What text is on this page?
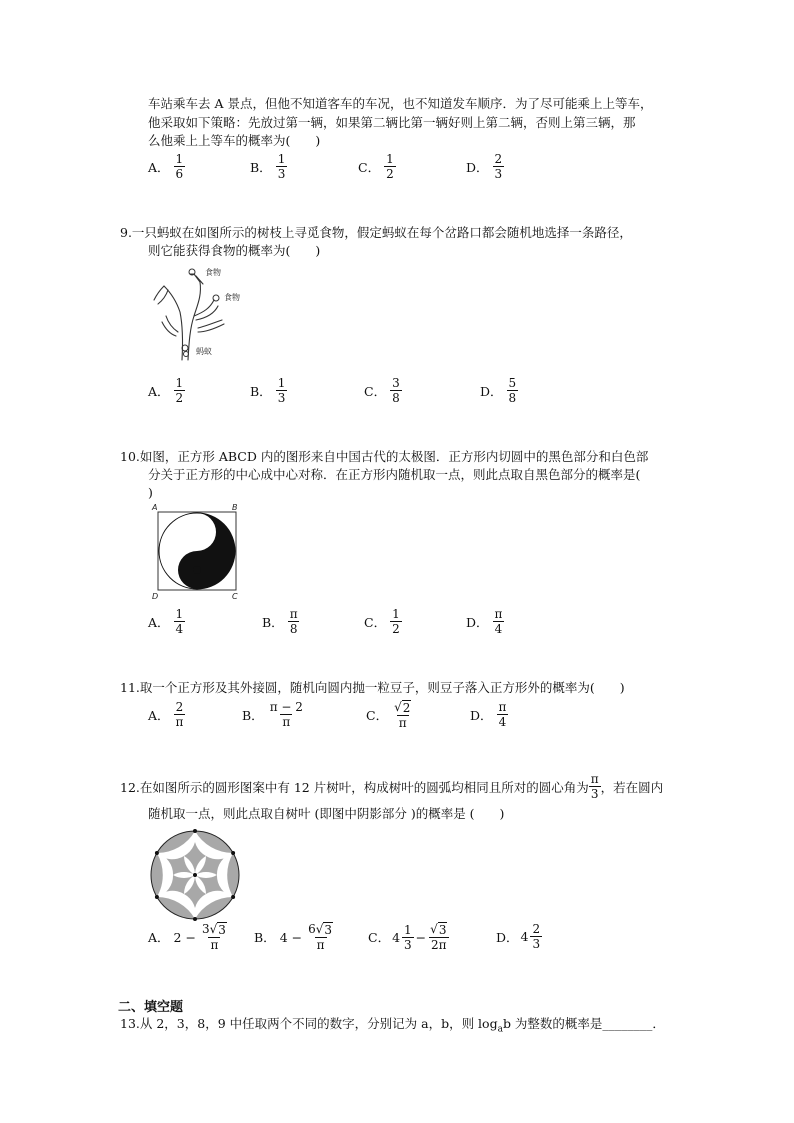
车站乘车去 A 景点，但他不知道客车的车况，也不知道发车顺序．为了尽可能乘上上等车，
他采取如下策略：先放过第一辆，如果第二辆比第一辆好则上第二辆，否则上第三辆，那
么他乘上上等车的概率为(　　)
A． $\frac{1}{6}$	B． $\frac{1}{3}$	C． $\frac{1}{2}$	D． $\frac{2}{3}$
9.一只蚂蚁在如图所示的树枝上寻觅食物，假定蚂蚁在每个岔路口都会随机地选择一条路径，
则它能获得食物的概率为(　　)
食物
食物
蚂蚁
A． $\frac{1}{2}$	B． $\frac{1}{3}$	C． $\frac{3}{8}$	D． $\frac{5}{8}$
10.如图，正方形 ABCD 内的图形来自中国古代的太极图．正方形内切圆中的黑色部分和白色部
分关于正方形的中心成中心对称．在正方形内随机取一点，则此点取自黑色部分的概率是(
)
A	B
C
D
A． $\frac{1}{4}$	B． $\frac{\pi}{8}$	C． $\frac{1}{2}$	D． $\frac{\pi}{4}$
11.取一个正方形及其外接圆，随机向圆内抛一粒豆子，则豆子落入正方形外的概率为(　　)
A． $\frac{2}{\pi}$	B． $\frac{\pi - 2}{\pi}$	C． $\frac{√ 2}{\pi}$	D． $\frac{\pi}{4}$
12.在如图所示的圆形图案中有 12 片树叶，构成树叶的圆弧均相同且所对的圆心角为 $\frac{\pi}{3}$ ，若在圆内
随机取一点，则此点取自树叶 (即图中阴影部分 )的概率是 (　　)
A． $2 - \frac{3 √ 3}{\pi}$ B． $4 - \frac{6 √ 3}{\pi}$	C． $4 \frac{1}{3} - \frac{√ 3}{2\pi}$	D． $4 \frac{2}{3}$
二、填空题
13.从 2，3，8，9 中任取两个不同的数字，分别记为 a，b，则 $\log_ab$ 为整数的概率是________．
